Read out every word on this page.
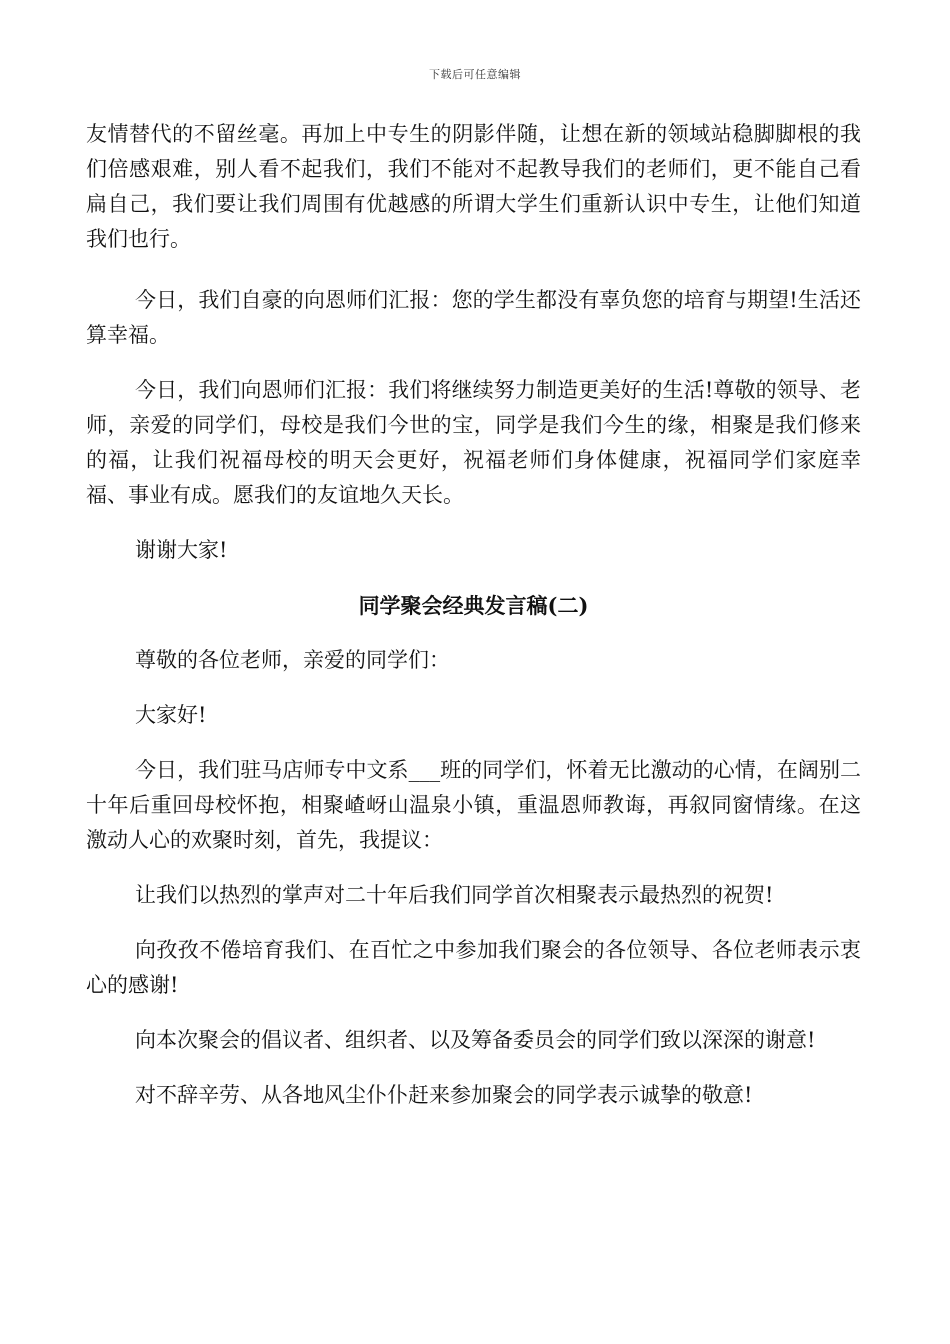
下载后可任意编辑

友情替代的不留丝毫。再加上中专生的阴影伴随，让想在新的领域站稳脚脚根的我们倍感艰难，别人看不起我们，我们不能对不起教导我们的老师们，更不能自己看扁自己，我们要让我们周围有优越感的所谓大学生们重新认识中专生，让他们知道我们也行。

今日，我们自豪的向恩师们汇报：您的学生都没有辜负您的培育与期望!生活还算幸福。

今日，我们向恩师们汇报：我们将继续努力制造更美好的生活!尊敬的领导、老师，亲爱的同学们，母校是我们今世的宝，同学是我们今生的缘，相聚是我们修来的福，让我们祝福母校的明天会更好，祝福老师们身体健康，祝福同学们家庭幸福、事业有成。愿我们的友谊地久天长。

谢谢大家!

同学聚会经典发言稿(二)

尊敬的各位老师，亲爱的同学们：

大家好!

今日，我们驻马店师专中文系___班的同学们，怀着无比激动的心情，在阔别二十年后重回母校怀抱，相聚嵖岈山温泉小镇，重温恩师教诲，再叙同窗情缘。在这激动人心的欢聚时刻，首先，我提议：

让我们以热烈的掌声对二十年后我们同学首次相聚表示最热烈的祝贺!

向孜孜不倦培育我们、在百忙之中参加我们聚会的各位领导、各位老师表示衷心的感谢!

向本次聚会的倡议者、组织者、以及筹备委员会的同学们致以深深的谢意!

对不辞辛劳、从各地风尘仆仆赶来参加聚会的同学表示诚挚的敬意!
